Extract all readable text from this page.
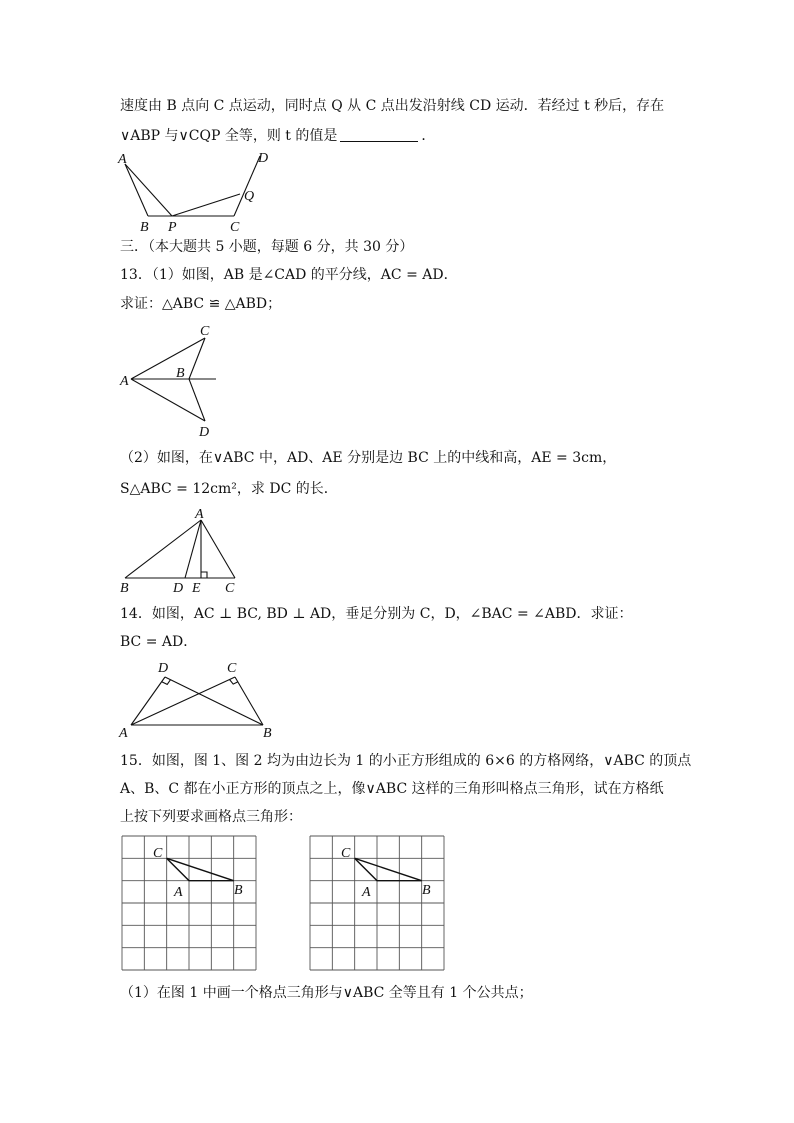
速度由 B 点向 C 点运动，同时点 Q 从 C 点出发沿射线 CD 运动．若经过 t 秒后，存在
∨ABP 与∨CQP 全等，则 t 的值是	．
A
B P	C
D
Q
三．（本大题共 5 小题，每题 6 分，共 30 分）
13．（1）如图，AB 是∠CAD 的平分线，AC = AD．
求证：△ABC ≌ △ABD；
A
B
C
D
（2）如图，在∨ABC 中，AD、AE 分别是边 BC 上的中线和高，AE = 3cm，
S△ABC = 12cm²，求 DC 的长．
A
B	D E C
14．如图，AC ⊥ BC, BD ⊥ AD，垂足分别为 C，D，∠BAC = ∠ABD．求证：
BC = AD．
D	C
A	B
15．如图，图 1、图 2 均为由边长为 1 的小正方形组成的 6×6 的方格网络，∨ABC 的顶点
A、B、C 都在小正方形的顶点之上，像∨ABC 这样的三角形叫格点三角形，试在方格纸
上按下列要求画格点三角形：
C
A	B
C
A	B
（1）在图 1 中画一个格点三角形与∨ABC 全等且有 1 个公共点；
